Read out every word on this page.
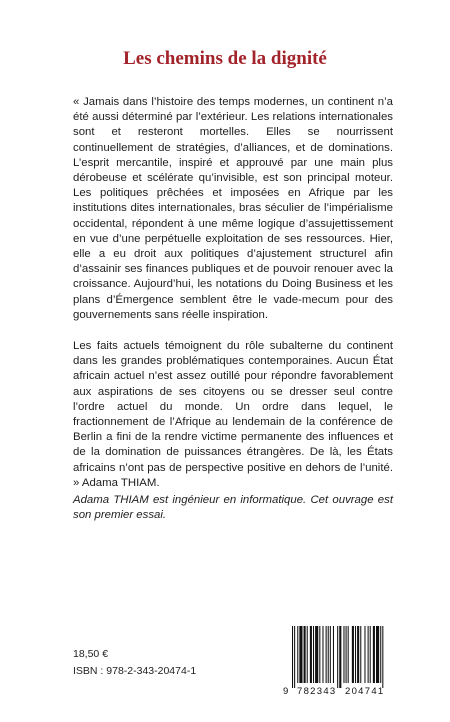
Les chemins de la dignité
« Jamais dans l’histoire des temps modernes, un continent n’a été aussi déterminé par l’extérieur. Les relations internationales sont et resteront mortelles. Elles se nourrissent continuellement de stratégies, d’alliances, et de dominations. L’esprit mercantile, inspiré et approuvé par une main plus dérobeuse et scélérate qu’invisible, est son principal moteur. Les politiques prêchées et imposées en Afrique par les institutions dites internationales, bras séculier de l’impérialisme occidental, répondent à une même logique d’assujettissement en vue d’une perpétuelle exploitation de ses ressources. Hier, elle a eu droit aux politiques d’ajustement structurel afin d’assainir ses finances publiques et de pouvoir renouer avec la croissance. Aujourd’hui, les notations du Doing Business et les plans d’Émergence semblent être le vade-mecum pour des gouvernements sans réelle inspiration.
Les faits actuels témoignent du rôle subalterne du continent dans les grandes problématiques contemporaines. Aucun État africain actuel n’est assez outillé pour répondre favorablement aux aspirations de ses citoyens ou se dresser seul contre l’ordre actuel du monde. Un ordre dans lequel, le fractionnement de l’Afrique au lendemain de la conférence de Berlin a fini de la rendre victime permanente des influences et de la domination de puissances étrangères. De là, les États africains n’ont pas de perspective positive en dehors de l’unité. » Adama THIAM.
Adama THIAM est ingénieur en informatique. Cet ouvrage est son premier essai.
18,50 €
ISBN : 978-2-343-20474-1
9 782343 204741
